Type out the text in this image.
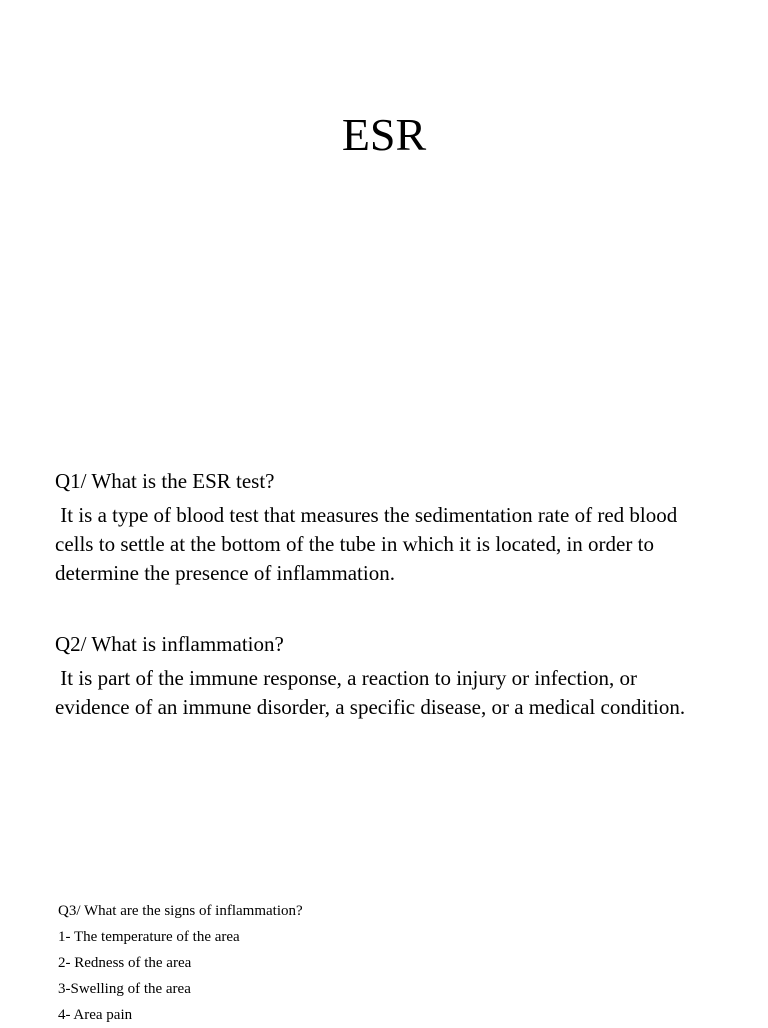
ESR

Q1/ What is the ESR test?

It is a type of blood test that measures the sedimentation rate of red blood cells to settle at the bottom of the tube in which it is located, in order to determine the presence of inflammation.

Q2/ What is inflammation?

It is part of the immune response, a reaction to injury or infection, or evidence of an immune disorder, a specific disease, or a medical condition.

Q3/ What are the signs of inflammation?

1- The temperature of the area
2- Redness of the area
3-Swelling of the area
4- Area pain
